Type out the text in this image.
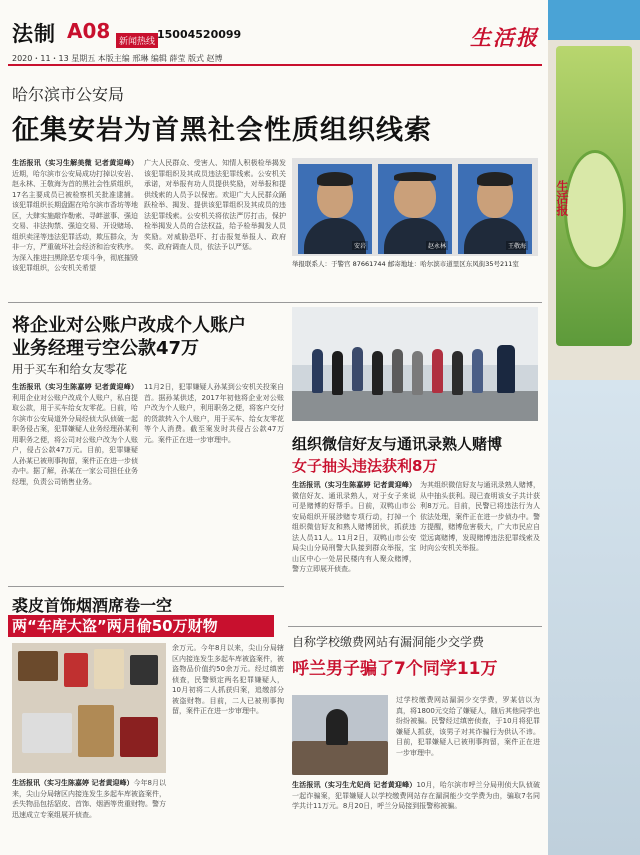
法制 A08 新闻热线
15004520099	生活报
2020・11・13 星期五 本版主编 邢琳 编辑 薛莹 版式 赵博
哈尔滨市公安局
征集安岩为首黑社会性质组织线索
生活报讯（实习生解美微 记者黄迎峰）近期，哈尔滨市公安局成功打掉以安岩、赵永林、王敬海为首的黑社会性质组织，17名主要成员已被检察机关批准逮捕。该犯罪组织长期盘踞在哈尔滨市香坊等地区，大肆实施敲诈勒索、寻衅滋事、强迫交易、非法拘禁、强迫交易、开设赌场、组织卖淫等违法犯罪活动，欺压群众，为非一方，严重破坏社会经济和治安秩序。为深入推进扫黑除恶专项斗争，彻底摧毁该犯罪组织，公安机关希望
广大人民群众、受害人、知情人积极检举揭发该犯罪组织及其成员违法犯罪线索。公安机关承诺，对举报有功人员提供奖励，对举报和提供线索的人员予以保密。欢迎广大人民群众踊跃检举、揭发、提供该犯罪组织及其成员的违法犯罪线索。公安机关将依法严厉打击，保护检举揭发人员的合法权益，给予检举揭发人员奖励。对威胁恐吓、打击报复举报人、政府奖、政府调查人员，依法予以严惩。	安岩	赵永林	王敬海
举报联系人：于警官 87661744 邮寄地址：哈尔滨市道里区东风街35号211室
将企业对公账户改成个人账户
业务经理亏空公款47万
用于买车和给女友零花
生活报讯（实习生陈嘉婷 记者黄迎峰）利用企业对公账户改成个人账户，私自提取公款，用于买车给女友零花。日前，哈尔滨市公安局道外分局经侦大队侦破一起职务侵占案，犯罪嫌疑人业务经理孙某利用职务之便，将公司对公账户改为个人账户，侵占公款47万元。目前，犯罪嫌疑人孙某已被刑事拘留，案件正在进一步侦办中。据了解，孙某在一家公司担任业务经理，负责公司销售业务。
11月2日，犯罪嫌疑人孙某到公安机关投案自首。据孙某供述，2017年初他将企业对公账户改为个人账户，利用职务之便，将客户交付的货款转入个人账户，用于买车、给女友零花等个人消费。截至案发时共侵占公款47万元。案件正在进一步审理中。	组织微信好友与通讯录熟人赌博
女子抽头违法获利8万
生活报讯（实习生陈嘉婷 记者黄迎峰）微信好友、通讯录熟人，对于女子来说可是赌博的好帮手。日前，双鸭山市公安局组织开展涉赌专项行动，打掉一个组织微信好友和熟人赌博团伙，抓获违法人员11人。11月2日，双鸭山市公安局尖山分局刑警大队接到群众举报，宝山区中心一处居民楼内有人聚众赌博，警方立即展开侦查。
为其组织微信好友与通讯录熟人赌博，从中抽头获利。现已查明该女子共计获利8万元。目前，民警已将违法行为人依法处理，案件正在进一步侦办中。警方提醒，赌博危害极大，广大市民应自觉远离赌博，发现赌博违法犯罪线索及时向公安机关举报。
裘皮首饰烟酒席卷一空
两“车库大盗”两月偷50万财物
生活报讯（实习生陈嘉婷 记者黄迎峰）今年8月以来，尖山分局辖区内接连发生多起车库被盗案件，丢失物品包括貂皮、首饰、烟酒等贵重财物。警方迅速成立专案组展开侦查。
余万元。今年8月以来，尖山分局辖区内接连发生多起车库被盗案件，被盗物品价值约50余万元。经过缜密侦查，民警锁定两名犯罪嫌疑人，10月初将二人抓获归案，追缴部分被盗财物。目前，二人已被刑事拘留，案件正在进一步审理中。
自称学校缴费网站有漏洞能少交学费
呼兰男子骗了7个同学11万
过学校缴费网站漏洞少交学费，罗某信以为真，将1800元交给了嫌疑人，随后其他同学也纷纷被骗。民警经过缜密侦查，于10月将犯罪嫌疑人抓获，该男子对其诈骗行为供认不讳。目前，犯罪嫌疑人已被刑事拘留，案件正在进一步审理中。
生活报讯（实习生尤妃尚 记者黄迎峰）10月，哈尔滨市呼兰分局刑侦大队侦破一起诈骗案，犯罪嫌疑人以学校缴费网站存在漏洞能少交学费为由，骗取7名同学共计11万元。8月20日，呼兰分局接到报警称被骗。
生活报
